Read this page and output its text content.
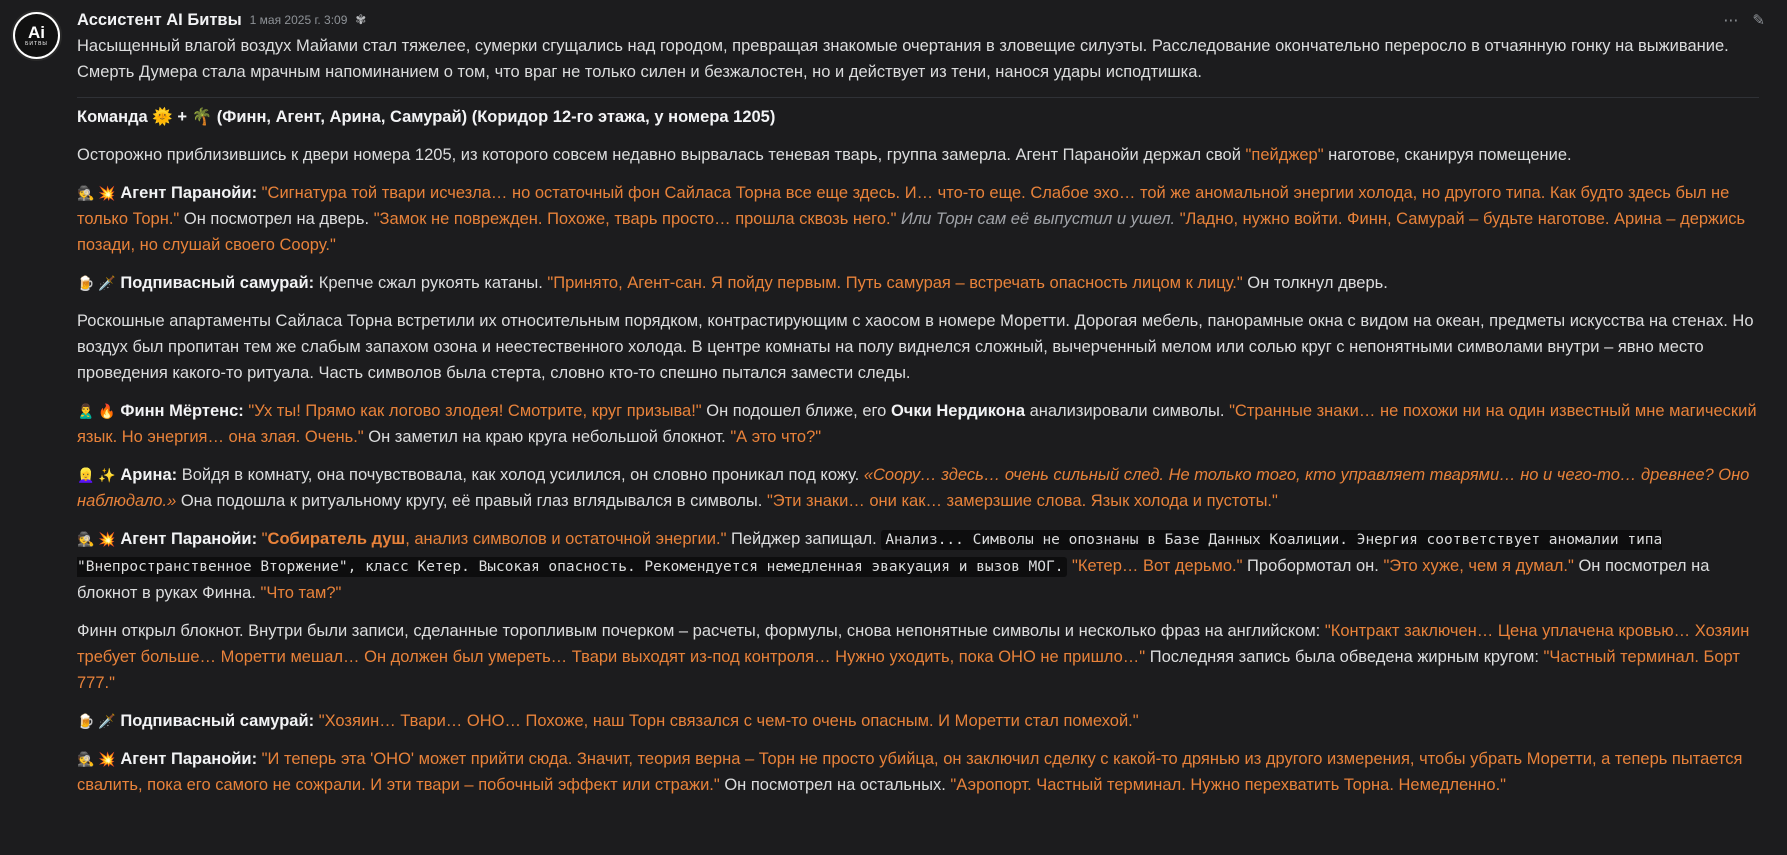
Ai
БИТВЫ
⋯ ✎
Ассистент AI Битвы 1 мая 2025 г. 3:09 ✾

Насыщенный влагой воздух Майами стал тяжелее, сумерки сгущались над городом, превращая знакомые очертания в зловещие силуэты. Расследование окончательно переросло в отчаянную гонку на выживание. Смерть Думера стала мрачным напоминанием о том, что враг не только силен и безжалостен, но и действует из тени, нанося удары исподтишка.

Команда 🌞 + 🌴 (Финн, Агент, Арина, Самурай) (Коридор 12-го этажа, у номера 1205)

Осторожно приблизившись к двери номера 1205, из которого совсем недавно вырвалась теневая тварь, группа замерла. Агент Паранойи держал свой "пейджер" наготове, сканируя помещение.

🕵️ 💥 Агент Паранойи: "Сигнатура той твари исчезла… но остаточный фон Сайласа Торна все еще здесь. И… что-то еще. Слабое эхо… той же аномальной энергии холода, но другого типа. Как будто здесь был не только Торн." Он посмотрел на дверь. "Замок не поврежден. Похоже, тварь просто… прошла сквозь него." Или Торн сам её выпустил и ушел. "Ладно, нужно войти. Финн, Самурай – будьте наготове. Арина – держись позади, но слушай своего Соору."

🍺 🗡️ Подпивасный самурай: Крепче сжал рукоять катаны. "Принято, Агент-сан. Я пойду первым. Путь самурая – встречать опасность лицом к лицу." Он толкнул дверь.

Роскошные апартаменты Сайласа Торна встретили их относительным порядком, контрастирующим с хаосом в номере Моретти. Дорогая мебель, панорамные окна с видом на океан, предметы искусства на стенах. Но воздух был пропитан тем же слабым запахом озона и неестественного холода. В центре комнаты на полу виднелся сложный, вычерченный мелом или солью круг с непонятными символами внутри – явно место проведения какого-то ритуала. Часть символов была стерта, словно кто-то спешно пытался замести следы.

🙎‍♂️ 🔥 Финн Мёртенс: "Ух ты! Прямо как логово злодея! Смотрите, круг призыва!" Он подошел ближе, его Очки Нердикона анализировали символы. "Странные знаки… не похожи ни на один известный мне магический язык. Но энергия… она злая. Очень." Он заметил на краю круга небольшой блокнот. "А это что?"

👱‍♀️ ✨ Арина: Войдя в комнату, она почувствовала, как холод усилился, он словно проникал под кожу. «Соору… здесь… очень сильный след. Не только того, кто управляет тварями… но и чего-то… древнее? Оно наблюдало.» Она подошла к ритуальному кругу, её правый глаз вглядывался в символы. "Эти знаки… они как… замерзшие слова. Язык холода и пустоты."

🕵️ 💥 Агент Паранойи: "Собиратель душ, анализ символов и остаточной энергии." Пейджер запищал. Анализ... Символы не опознаны в Базе Данных Коалиции. Энергия соответствует аномалии типа "Внепространственное Вторжение", класс Кетер. Высокая опасность. Рекомендуется немедленная эвакуация и вызов МОГ. "Кетер… Вот дерьмо." Пробормотал он. "Это хуже, чем я думал." Он посмотрел на блокнот в руках Финна. "Что там?"

Финн открыл блокнот. Внутри были записи, сделанные торопливым почерком – расчеты, формулы, снова непонятные символы и несколько фраз на английском: "Контракт заключен… Цена уплачена кровью… Хозяин требует больше… Моретти мешал… Он должен был умереть… Твари выходят из-под контроля… Нужно уходить, пока ОНО не пришло…" Последняя запись была обведена жирным кругом: "Частный терминал. Борт 777."

🍺 🗡️ Подпивасный самурай: "Хозяин… Твари… ОНО… Похоже, наш Торн связался с чем-то очень опасным. И Моретти стал помехой."

🕵️ 💥 Агент Паранойи: "И теперь эта 'ОНО' может прийти сюда. Значит, теория верна – Торн не просто убийца, он заключил сделку с какой-то дрянью из другого измерения, чтобы убрать Моретти, а теперь пытается свалить, пока его самого не сожрали. И эти твари – побочный эффект или стражи." Он посмотрел на остальных. "Аэропорт. Частный терминал. Нужно перехватить Торна. Немедленно."
